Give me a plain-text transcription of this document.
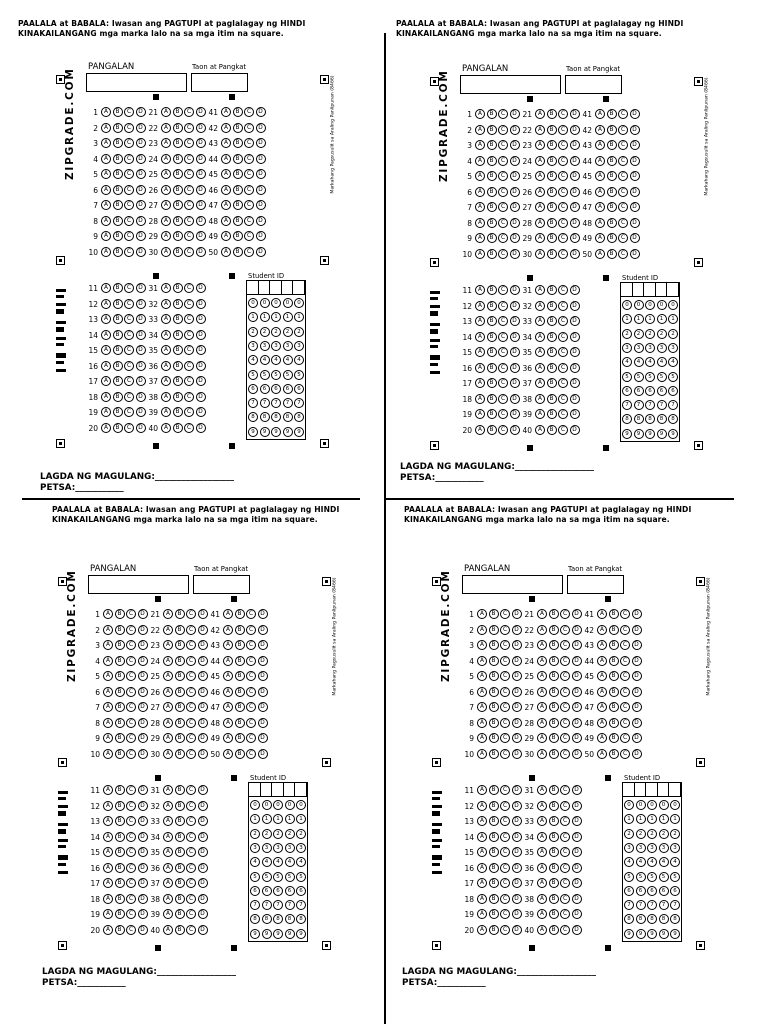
PAALALA at BABALA: Iwasan ang PAGTUPI at paglalagay ng HINDI
KINAKAILANGANG mga marka lalo na sa mga itim na square.
PANGALAN	Taon at Pangkat
ZIPGRADE.COM	Markahang Pagsusulit sa Araling Panlipunan (8466)
1	A	B	C	D 21	A	B	C	D 41	A	B	C	D
2	A	B	C	D 22	A	B	C	D 42	A	B	C	D
3	A	B	C	D 23	A	B	C	D 43	A	B	C	D
4	A	B	C	D 24	A	B	C	D 44	A	B	C	D
5	A	B	C	D 25	A	B	C	D 45	A	B	C	D
6	A	B	C	D 26	A	B	C	D 46	A	B	C	D
7	A	B	C	D 27	A	B	C	D 47	A	B	C	D
8	A	B	C	D 28	A	B	C	D 48	A	B	C	D
9	A	B	C	D 29	A	B	C	D 49	A	B	C	D
10	A	B	C	D 30	A	B	C	D 50	A	B	C	D
11	A	B	C	D 31	A	B	C	D
12	A	B	C	D 32	A	B	C	D
13	A	B	C	D 33	A	B	C	D
14	A	B	C	D 34	A	B	C	D
15	A	B	C	D 35	A	B	C	D
16	A	B	C	D 36	A	B	C	D
17	A	B	C	D 37	A	B	C	D
18	A	B	C	D 38	A	B	C	D
19	A	B	C	D 39	A	B	C	D
20	A	B	C	D 40	A	B	C	D
Student ID
0	0	0	0	0
1	1	1	1	1
2	2	2	2	2
3	3	3	3	3
4	4	4	4	4
5	5	5	5	5
6	6	6	6	6
7	7	7	7	7
8	8	8	8	8
9	9	9	9	9
LAGDA NG MAGULANG:__________________
PETSA:___________
PAALALA at BABALA: Iwasan ang PAGTUPI at paglalagay ng HINDI
KINAKAILANGANG mga marka lalo na sa mga itim na square.
PANGALAN	Taon at Pangkat
ZIPGRADE.COM	Markahang Pagsusulit sa Araling Panlipunan (8466)
1	A	B	C	D 21	A	B	C	D 41	A	B	C	D
2	A	B	C	D 22	A	B	C	D 42	A	B	C	D
3	A	B	C	D 23	A	B	C	D 43	A	B	C	D
4	A	B	C	D 24	A	B	C	D 44	A	B	C	D
5	A	B	C	D 25	A	B	C	D 45	A	B	C	D
6	A	B	C	D 26	A	B	C	D 46	A	B	C	D
7	A	B	C	D 27	A	B	C	D 47	A	B	C	D
8	A	B	C	D 28	A	B	C	D 48	A	B	C	D
9	A	B	C	D 29	A	B	C	D 49	A	B	C	D
10	A	B	C	D 30	A	B	C	D 50	A	B	C	D
11	A	B	C	D 31	A	B	C	D
12	A	B	C	D 32	A	B	C	D
13	A	B	C	D 33	A	B	C	D
14	A	B	C	D 34	A	B	C	D
15	A	B	C	D 35	A	B	C	D
16	A	B	C	D 36	A	B	C	D
17	A	B	C	D 37	A	B	C	D
18	A	B	C	D 38	A	B	C	D
19	A	B	C	D 39	A	B	C	D
20	A	B	C	D 40	A	B	C	D
Student ID
0	0	0	0	0
1	1	1	1	1
2	2	2	2	2
3	3	3	3	3
4	4	4	4	4
5	5	5	5	5
6	6	6	6	6
7	7	7	7	7
8	8	8	8	8
9	9	9	9	9
LAGDA NG MAGULANG:__________________
PETSA:___________
PAALALA at BABALA: Iwasan ang PAGTUPI at paglalagay ng HINDI
KINAKAILANGANG mga marka lalo na sa mga itim na square.
PANGALAN	Taon at Pangkat
ZIPGRADE.COM	Markahang Pagsusulit sa Araling Panlipunan (8466)
1	A	B	C	D 21	A	B	C	D 41	A	B	C	D
2	A	B	C	D 22	A	B	C	D 42	A	B	C	D
3	A	B	C	D 23	A	B	C	D 43	A	B	C	D
4	A	B	C	D 24	A	B	C	D 44	A	B	C	D
5	A	B	C	D 25	A	B	C	D 45	A	B	C	D
6	A	B	C	D 26	A	B	C	D 46	A	B	C	D
7	A	B	C	D 27	A	B	C	D 47	A	B	C	D
8	A	B	C	D 28	A	B	C	D 48	A	B	C	D
9	A	B	C	D 29	A	B	C	D 49	A	B	C	D
10	A	B	C	D 30	A	B	C	D 50	A	B	C	D
11	A	B	C	D 31	A	B	C	D
12	A	B	C	D 32	A	B	C	D
13	A	B	C	D 33	A	B	C	D
14	A	B	C	D 34	A	B	C	D
15	A	B	C	D 35	A	B	C	D
16	A	B	C	D 36	A	B	C	D
17	A	B	C	D 37	A	B	C	D
18	A	B	C	D 38	A	B	C	D
19	A	B	C	D 39	A	B	C	D
20	A	B	C	D 40	A	B	C	D
Student ID
0	0	0	0	0
1	1	1	1	1
2	2	2	2	2
3	3	3	3	3
4	4	4	4	4
5	5	5	5	5
6	6	6	6	6
7	7	7	7	7
8	8	8	8	8
9	9	9	9	9
LAGDA NG MAGULANG:__________________
PETSA:___________
PAALALA at BABALA: Iwasan ang PAGTUPI at paglalagay ng HINDI
KINAKAILANGANG mga marka lalo na sa mga itim na square.
PANGALAN	Taon at Pangkat
ZIPGRADE.COM	Markahang Pagsusulit sa Araling Panlipunan (8466)
1	A	B	C	D 21	A	B	C	D 41	A	B	C	D
2	A	B	C	D 22	A	B	C	D 42	A	B	C	D
3	A	B	C	D 23	A	B	C	D 43	A	B	C	D
4	A	B	C	D 24	A	B	C	D 44	A	B	C	D
5	A	B	C	D 25	A	B	C	D 45	A	B	C	D
6	A	B	C	D 26	A	B	C	D 46	A	B	C	D
7	A	B	C	D 27	A	B	C	D 47	A	B	C	D
8	A	B	C	D 28	A	B	C	D 48	A	B	C	D
9	A	B	C	D 29	A	B	C	D 49	A	B	C	D
10	A	B	C	D 30	A	B	C	D 50	A	B	C	D
11	A	B	C	D 31	A	B	C	D
12	A	B	C	D 32	A	B	C	D
13	A	B	C	D 33	A	B	C	D
14	A	B	C	D 34	A	B	C	D
15	A	B	C	D 35	A	B	C	D
16	A	B	C	D 36	A	B	C	D
17	A	B	C	D 37	A	B	C	D
18	A	B	C	D 38	A	B	C	D
19	A	B	C	D 39	A	B	C	D
20	A	B	C	D 40	A	B	C	D
Student ID
0	0	0	0	0
1	1	1	1	1
2	2	2	2	2
3	3	3	3	3
4	4	4	4	4
5	5	5	5	5
6	6	6	6	6
7	7	7	7	7
8	8	8	8	8
9	9	9	9	9
LAGDA NG MAGULANG:__________________
PETSA:___________
